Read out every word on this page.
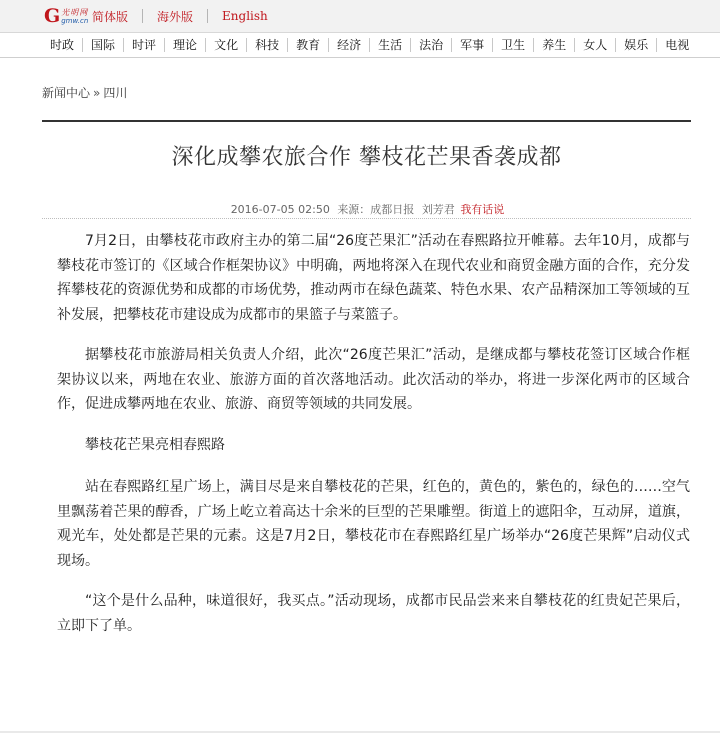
G 光明网
gmw.cn 简体版 海外版 English
时政	国际	时评	理论	文化	科技	教育	经济	生活	法治	军事	卫生	养生	女人	娱乐	电视
新闻中心 » 四川
深化成攀农旅合作 攀枝花芒果香袭成都
2016-07-05 02:50 来源：成都日报 刘芳君 我有话说

7月2日，由攀枝花市政府主办的第二届“26度芒果汇”活动在春熙路拉开帷幕。去年10月，成都与攀枝花市签订的《区域合作框架协议》中明确，两地将深入在现代农业和商贸金融方面的合作，充分发挥攀枝花的资源优势和成都的市场优势，推动两市在绿色蔬菜、特色水果、农产品精深加工等领域的互补发展，把攀枝花市建设成为成都市的果篮子与菜篮子。

据攀枝花市旅游局相关负责人介绍，此次“26度芒果汇”活动，是继成都与攀枝花签订区域合作框架协议以来，两地在农业、旅游方面的首次落地活动。此次活动的举办，将进一步深化两市的区域合作，促进成攀两地在农业、旅游、商贸等领域的共同发展。

攀枝花芒果亮相春熙路

站在春熙路红星广场上，满目尽是来自攀枝花的芒果，红色的，黄色的，紫色的，绿色的……空气里飘荡着芒果的醇香，广场上屹立着高达十余米的巨型的芒果雕塑。街道上的遮阳伞，互动屏，道旗，观光车，处处都是芒果的元素。这是7月2日，攀枝花市在春熙路红星广场举办“26度芒果辉”启动仪式现场。

“这个是什么品种，味道很好，我买点。”活动现场，成都市民品尝来来自攀枝花的红贵妃芒果后，立即下了单。
